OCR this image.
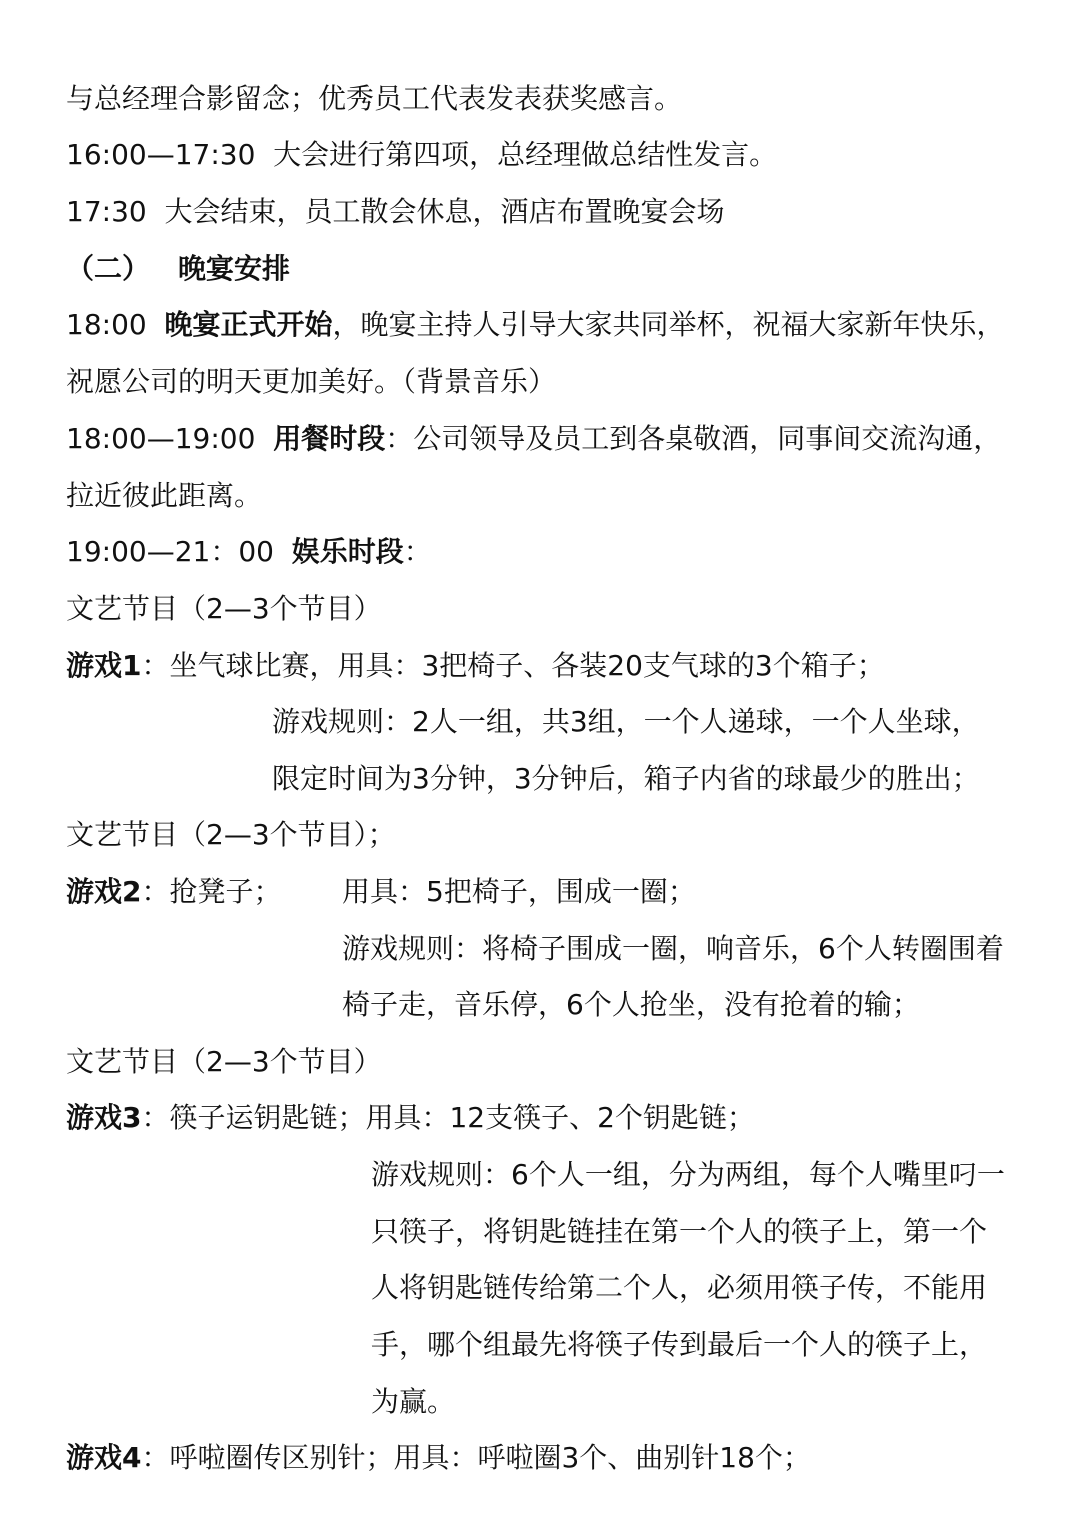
与总经理合影留念；优秀员工代表发表获奖感言。
16:00—17:30  大会进行第四项，总经理做总结性发言。
17:30  大会结束，员工散会休息，酒店布置晚宴会场
（二） 晚宴安排
18:00  晚宴正式开始，晚宴主持人引导大家共同举杯，祝福大家新年快乐，
祝愿公司的明天更加美好。（背景音乐）
18:00—19:00  用餐时段：公司领导及员工到各桌敬酒，同事间交流沟通，
拉近彼此距离。
19:00—21：00  娱乐时段：
文艺节目（2—3个节目）
游戏1：坐气球比赛，用具：3把椅子、各装20支气球的3个箱子；
游戏规则：2人一组，共3组，一个人递球，一个人坐球，
限定时间为3分钟，3分钟后，箱子内省的球最少的胜出；
文艺节目（2—3个节目）；
游戏2：抢凳子； 用具：5把椅子，围成一圈；
游戏规则：将椅子围成一圈，响音乐，6个人转圈围着
椅子走，音乐停，6个人抢坐，没有抢着的输；
文艺节目（2—3个节目）
游戏3：筷子运钥匙链；用具：12支筷子、2个钥匙链；
游戏规则：6个人一组，分为两组，每个人嘴里叼一
只筷子，将钥匙链挂在第一个人的筷子上，第一个
人将钥匙链传给第二个人，必须用筷子传，不能用
手，哪个组最先将筷子传到最后一个人的筷子上，
为赢。
游戏4：呼啦圈传区别针；用具：呼啦圈3个、曲别针18个；
